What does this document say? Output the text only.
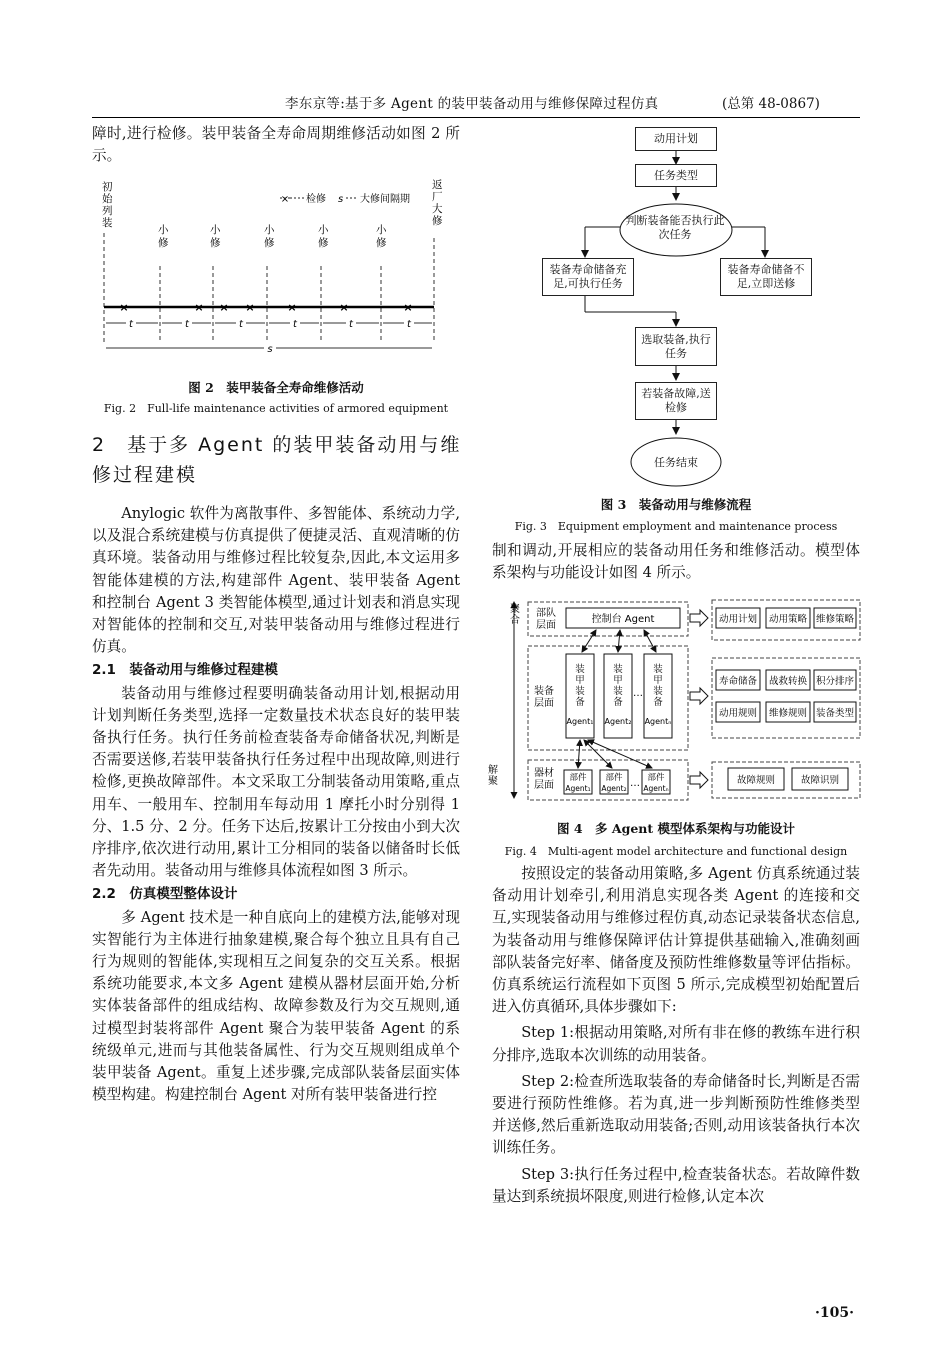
李东京等:基于多 Agent 的装甲装备动用与维修保障过程仿真	(总第 48-0867)

障时,进行检修。装甲装备全寿命周期维修活动如图 2 所示。

初始列装
返厂大修
× 检修 s 大修间隔期
小修
小修
小修
小修
小修
×	× × ×	×	×	×
t	t	t	t	t	t
s
图 2　装甲装备全寿命维修活动
Fig. 2　Full-life maintenance activities of armored equipment
2　基于多 Agent 的装甲装备动用与维修过程建模

Anylogic 软件为离散事件、多智能体、系统动力学,以及混合系统建模与仿真提供了便捷灵活、直观清晰的仿真环境。装备动用与维修过程比较复杂,因此,本文运用多智能体建模的方法,构建部件 Agent、装甲装备 Agent 和控制台 Agent 3 类智能体模型,通过计划表和消息实现对智能体的控制和交互,对装甲装备动用与维修过程进行仿真。

2.1　装备动用与维修过程建模

装备动用与维修过程要明确装备动用计划,根据动用计划判断任务类型,选择一定数量技术状态良好的装甲装备执行任务。执行任务前检查装备寿命储备状况,判断是否需要送修,若装甲装备执行任务过程中出现故障,则进行检修,更换故障部件。本文采取工分制装备动用策略,重点用车、一般用车、控制用车每动用 1 摩托小时分别得 1 分、1.5 分、2 分。任务下达后,按累计工分按由小到大次序排序,依次进行动用,累计工分相同的装备以储备时长低者先动用。装备动用与维修具体流程如图 3 所示。

2.2　仿真模型整体设计

多 Agent 技术是一种自底向上的建模方法,能够对现实智能行为主体进行抽象建模,聚合每个独立且具有自己行为规则的智能体,实现相互之间复杂的交互关系。根据系统功能要求,本文多 Agent 建模从器材层面开始,分析实体装备部件的组成结构、故障参数及行为交互规则,通过模型封装将部件 Agent 聚合为装甲装备 Agent 的系统级单元,进而与其他装备属性、行为交互规则组成单个装甲装备 Agent。重复上述步骤,完成部队装备层面实体模型构建。构建控制台 Agent 对所有装甲装备进行控

动用计划
任务类型
判断装备能否执行此次任务
装备寿命储备充足,可执行任务
装备寿命储备不足,立即送修
选取装备,执行任务
若装备故障,送检修
任务结束
图 3　装备动用与维修流程
Fig. 3　Equipment employment and maintenance process

制和调动,开展相应的装备动用任务和维修活动。模型体系架构与功能设计如图 4 所示。

聚合
解聚
部队层面
装备层面
器材层面
控制台 Agent
装甲装备
装甲装备
装甲装备
Agent₁ Agent₂ Agentₙ
…
部件 部件	部件
Agent₁ Agent₂ Agentₙ
…
动用计划 动用策略 维修策略
寿命储备 战救转换 积分排序
动用规则 维修规则 装备类型
故障规则	故障识别
图 4　多 Agent 模型体系架构与功能设计
Fig. 4　Multi-agent model architecture and functional design

按照设定的装备动用策略,多 Agent 仿真系统通过装备动用计划牵引,利用消息实现各类 Agent 的连接和交互,实现装备动用与维修过程仿真,动态记录装备状态信息,为装备动用与维修保障评估计算提供基础输入,准确刻画部队装备完好率、储备度及预防性维修数量等评估指标。仿真系统运行流程如下页图 5 所示,完成模型初始配置后进入仿真循环,具体步骤如下:

Step 1:根据动用策略,对所有非在修的教练车进行积分排序,选取本次训练的动用装备。

Step 2:检查所选取装备的寿命储备时长,判断是否需要进行预防性维修。若为真,进一步判断预防性维修类型并送修,然后重新选取动用装备;否则,动用该装备执行本次训练任务。

Step 3:执行任务过程中,检查装备状态。若故障件数量达到系统损坏限度,则进行检修,认定本次

·105·
